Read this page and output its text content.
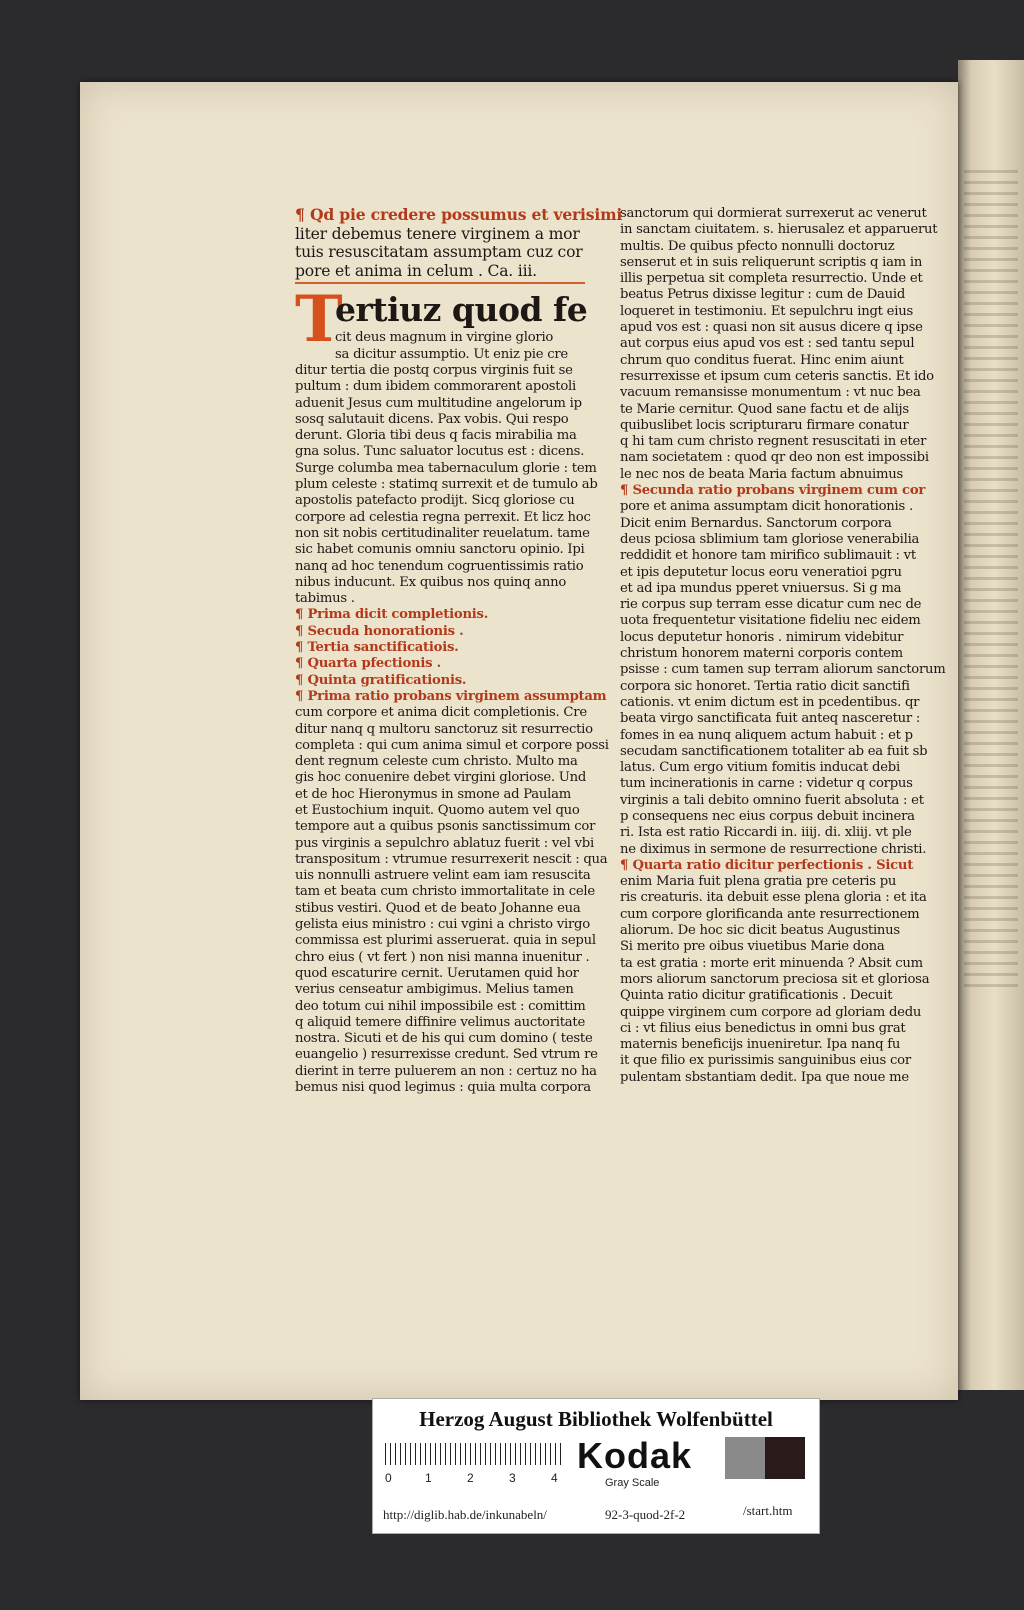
¶ Qd pie credere possumus et verisimi
liter debemus tenere virginem a mor
tuis resuscitatam assumptam cuz cor
pore et anima in celum . Ca. iii.
T
ertiuz quod fe
cit deus magnum in virgine glorio
sa dicitur assumptio. Ut eniz pie cre
ditur tertia die postq corpus virginis fuit se
pultum : dum ibidem commorarent apostoli
aduenit Jesus cum multitudine angelorum ip
sosq salutauit dicens. Pax vobis. Qui respo
derunt. Gloria tibi deus q facis mirabilia ma
gna solus. Tunc saluator locutus est : dicens.
Surge columba mea tabernaculum glorie : tem
plum celeste : statimq surrexit et de tumulo ab
apostolis patefacto prodijt. Sicq gloriose cu
corpore ad celestia regna perrexit. Et licz hoc
non sit nobis certitudinaliter reuelatum. tame
sic habet comunis omniu sanctoru opinio. Ipi
nanq ad hoc tenendum cogruentissimis ratio
nibus inducunt. Ex quibus nos quinq anno
tabimus .
¶ Prima dicit completionis.
¶ Secuda honorationis .
¶ Tertia sanctificatiois.
¶ Quarta pfectionis .
¶ Quinta gratificationis.
¶ Prima ratio probans virginem assumptam
cum corpore et anima dicit completionis. Cre
ditur nanq q multoru sanctoruz sit resurrectio
completa : qui cum anima simul et corpore possi
dent regnum celeste cum christo. Multo ma
gis hoc conuenire debet virgini gloriose. Und
et de hoc Hieronymus in smone ad Paulam
et Eustochium inquit. Quomo autem vel quo
tempore aut a quibus psonis sanctissimum cor
pus virginis a sepulchro ablatuz fuerit : vel vbi
transpositum : vtrumue resurrexerit nescit : qua
uis nonnulli astruere velint eam iam resuscita
tam et beata cum christo immortalitate in cele
stibus vestiri. Quod et de beato Johanne eua
gelista eius ministro : cui vgini a christo virgo
commissa est plurimi asseruerat. quia in sepul
chro eius ( vt fert ) non nisi manna inuenitur .
quod escaturire cernit. Uerutamen quid hor
verius censeatur ambigimus. Melius tamen
deo totum cui nihil impossibile est : comittim
q aliquid temere diffinire velimus auctoritate
nostra. Sicuti et de his qui cum domino ( teste
euangelio ) resurrexisse credunt. Sed vtrum re
dierint in terre puluerem an non : certuz no ha
bemus nisi quod legimus : quia multa corpora
sanctorum qui dormierat surrexerut ac venerut
in sanctam ciuitatem. s. hierusalez et apparuerut
multis. De quibus pfecto nonnulli doctoruz
senserut et in suis reliquerunt scriptis q iam in
illis perpetua sit completa resurrectio. Unde et
beatus Petrus dixisse legitur : cum de Dauid
loqueret in testimoniu. Et sepulchru ingt eius
apud vos est : quasi non sit ausus dicere q ipse
aut corpus eius apud vos est : sed tantu sepul
chrum quo conditus fuerat. Hinc enim aiunt
resurrexisse et ipsum cum ceteris sanctis. Et ido
vacuum remansisse monumentum : vt nuc bea
te Marie cernitur. Quod sane factu et de alijs
quibuslibet locis scripturaru firmare conatur
q hi tam cum christo regnent resuscitati in eter
nam societatem : quod qr deo non est impossibi
le nec nos de beata Maria factum abnuimus
¶ Secunda ratio probans virginem cum cor
pore et anima assumptam dicit honorationis .
Dicit enim Bernardus. Sanctorum corpora
deus pciosa sblimium tam gloriose venerabilia
reddidit et honore tam mirifico sublimauit : vt
et ipis deputetur locus eoru veneratioi pgru
et ad ipa mundus pperet vniuersus. Si g ma
rie corpus sup terram esse dicatur cum nec de
uota frequentetur visitatione fideliu nec eidem
locus deputetur honoris . nimirum videbitur
christum honorem materni corporis contem
psisse : cum tamen sup terram aliorum sanctorum
corpora sic honoret. Tertia ratio dicit sanctifi
cationis. vt enim dictum est in pcedentibus. qr
beata virgo sanctificata fuit anteq nasceretur :
fomes in ea nunq aliquem actum habuit : et p
secudam sanctificationem totaliter ab ea fuit sb
latus. Cum ergo vitium fomitis inducat debi
tum incinerationis in carne : videtur q corpus
virginis a tali debito omnino fuerit absoluta : et
p consequens nec eius corpus debuit incinera
ri. Ista est ratio Riccardi in. iiij. di. xliij. vt ple
ne diximus in sermone de resurrectione christi.
¶ Quarta ratio dicitur perfectionis . Sicut
enim Maria fuit plena gratia pre ceteris pu
ris creaturis. ita debuit esse plena gloria : et ita
cum corpore glorificanda ante resurrectionem
aliorum. De hoc sic dicit beatus Augustinus
Si merito pre oibus viuetibus Marie dona
ta est gratia : morte erit minuenda ? Absit cum
mors aliorum sanctorum preciosa sit et gloriosa
Quinta ratio dicitur gratificationis . Decuit
quippe virginem cum corpore ad gloriam dedu
ci : vt filius eius benedictus in omni bus grat
maternis beneficijs inueniretur. Ipa nanq fu
it que filio ex purissimis sanguinibus eius cor
pulentam sbstantiam dedit. Ipa que noue me
Herzog August Bibliothek Wolfenbüttel
0	1	2	3	4
Kodak
Gray Scale
http://diglib.hab.de/inkunabeln/	92-3-quod-2f-2	/start.htm
